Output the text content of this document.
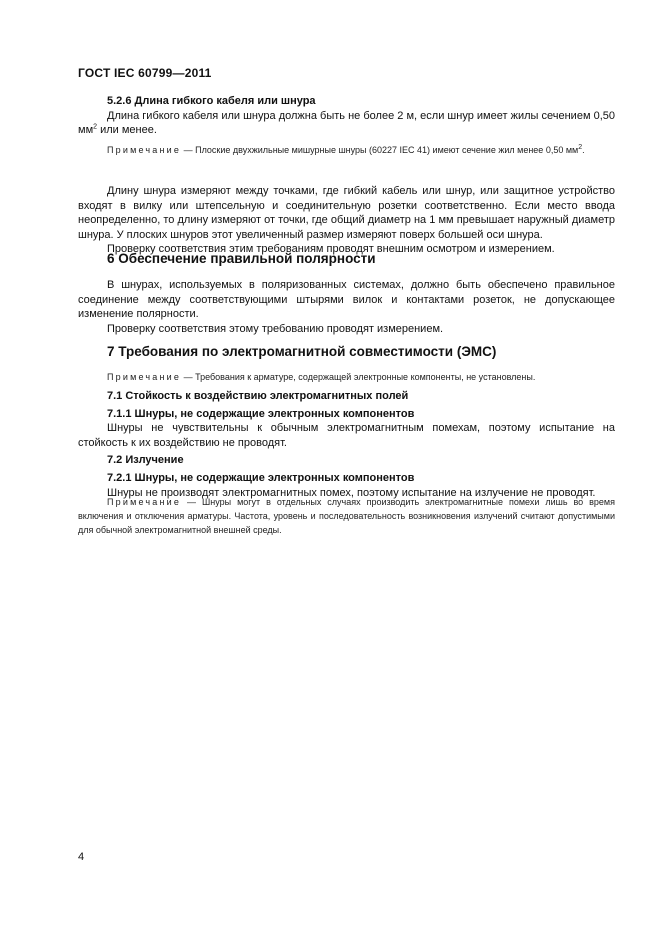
ГОСТ IEC 60799—2011

5.2.6 Длина гибкого кабеля или шнура

Длина гибкого кабеля или шнура должна быть не более 2 м, если шнур имеет жилы сечением 0,50 $мм^2$ или менее.

Примечание — Плоские двухжильные мишурные шнуры (60227 IEC 41) имеют сечение жил менее 0,50 $мм^2$.

Длину шнура измеряют между точками, где гибкий кабель или шнур, или защитное устройство входят в вилку или штепсельную и соединительную розетки соответственно. Если место ввода неопределенно, то длину измеряют от точки, где общий диаметр на 1 мм превышает наружный диаметр шнура. У плоских шнуров этот увеличенный размер измеряют поверх большей оси шнура.

Проверку соответствия этим требованиям проводят внешним осмотром и измерением.

6 Обеспечение правильной полярности

В шнурах, используемых в поляризованных системах, должно быть обеспечено правильное соединение между соответствующими штырями вилок и контактами розеток, не допускающее изменение полярности.

Проверку соответствия этому требованию проводят измерением.

7 Требования по электромагнитной совместимости (ЭМС)

Примечание — Требования к арматуре, содержащей электронные компоненты, не установлены.

7.1 Стойкость к воздействию электромагнитных полей

7.1.1 Шнуры, не содержащие электронных компонентов

Шнуры не чувствительны к обычным электромагнитным помехам, поэтому испытание на стойкость к их воздействию не проводят.

7.2 Излучение

7.2.1 Шнуры, не содержащие электронных компонентов

Шнуры не производят электромагнитных помех, поэтому испытание на излучение не проводят.

Примечание — Шнуры могут в отдельных случаях производить электромагнитные помехи лишь во время включения и отключения арматуры. Частота, уровень и последовательность возникновения излучений считают допустимыми для обычной электромагнитной внешней среды.

4
